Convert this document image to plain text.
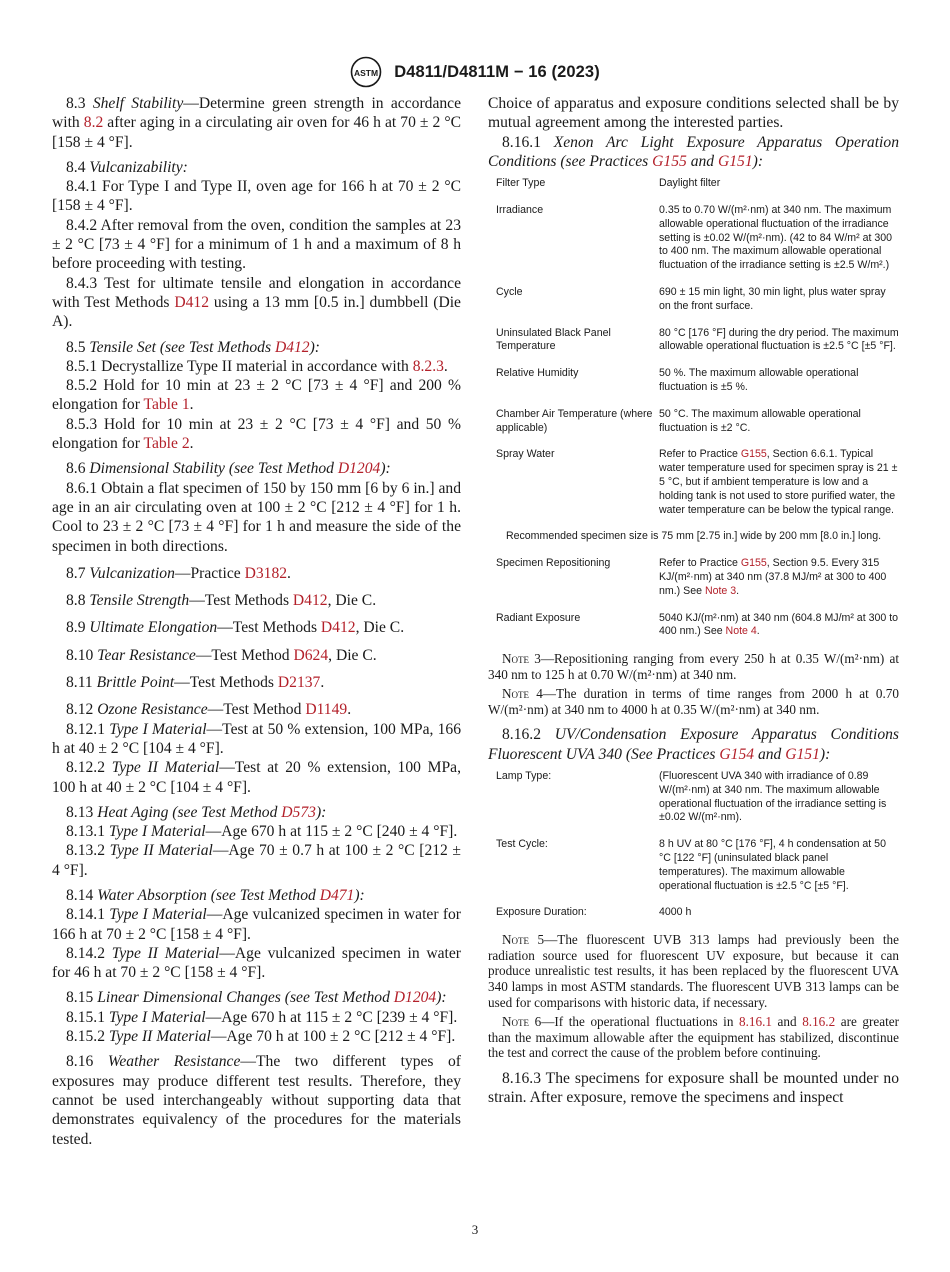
ASTM D4811/D4811M − 16 (2023)

8.3 Shelf Stability—Determine green strength in accordance with 8.2 after aging in a circulating air oven for 46 h at 70 ± 2 °C [158 ± 4 °F].

8.4 Vulcanizability:

8.4.1 For Type I and Type II, oven age for 166 h at 70 ± 2 °C [158 ± 4 °F].

8.4.2 After removal from the oven, condition the samples at 23 ± 2 °C [73 ± 4 °F] for a minimum of 1 h and a maximum of 8 h before proceeding with testing.

8.4.3 Test for ultimate tensile and elongation in accordance with Test Methods D412 using a 13 mm [0.5 in.] dumbbell (Die A).

8.5 Tensile Set (see Test Methods D412):

8.5.1 Decrystallize Type II material in accordance with 8.2.3.

8.5.2 Hold for 10 min at 23 ± 2 °C [73 ± 4 °F] and 200 % elongation for Table 1.

8.5.3 Hold for 10 min at 23 ± 2 °C [73 ± 4 °F] and 50 % elongation for Table 2.

8.6 Dimensional Stability (see Test Method D1204):

8.6.1 Obtain a flat specimen of 150 by 150 mm [6 by 6 in.] and age in an air circulating oven at 100 ± 2 °C [212 ± 4 °F] for 1 h. Cool to 23 ± 2 °C [73 ± 4 °F] for 1 h and measure the side of the specimen in both directions.

8.7 Vulcanization—Practice D3182.

8.8 Tensile Strength—Test Methods D412, Die C.

8.9 Ultimate Elongation—Test Methods D412, Die C.

8.10 Tear Resistance—Test Method D624, Die C.

8.11 Brittle Point—Test Methods D2137.

8.12 Ozone Resistance—Test Method D1149.

8.12.1 Type I Material—Test at 50 % extension, 100 MPa, 166 h at 40 ± 2 °C [104 ± 4 °F].

8.12.2 Type II Material—Test at 20 % extension, 100 MPa, 100 h at 40 ± 2 °C [104 ± 4 °F].

8.13 Heat Aging (see Test Method D573):

8.13.1 Type I Material—Age 670 h at 115 ± 2 °C [240 ± 4 °F].

8.13.2 Type II Material—Age 70 ± 0.7 h at 100 ± 2 °C [212 ± 4 °F].

8.14 Water Absorption (see Test Method D471):

8.14.1 Type I Material—Age vulcanized specimen in water for 166 h at 70 ± 2 °C [158 ± 4 °F].

8.14.2 Type II Material—Age vulcanized specimen in water for 46 h at 70 ± 2 °C [158 ± 4 °F].

8.15 Linear Dimensional Changes (see Test Method D1204):

8.15.1 Type I Material—Age 670 h at 115 ± 2 °C [239 ± 4 °F].

8.15.2 Type II Material—Age 70 h at 100 ± 2 °C [212 ± 4 °F].

8.16 Weather Resistance—The two different types of exposures may produce different test results. Therefore, they cannot be used interchangeably without supporting data that demonstrates equivalency of the procedures for the materials tested.

Choice of apparatus and exposure conditions selected shall be by mutual agreement among the interested parties.

8.16.1 Xenon Arc Light Exposure Apparatus Operation Conditions (see Practices G155 and G151):

Filter Type	Daylight filter
Irradiance	0.35 to 0.70 W/(m²·nm) at 340 nm. The maximum allowable operational fluctuation of the irradiance setting is ±0.02 W/(m²·nm). (42 to 84 W/m² at 300 to 400 nm. The maximum allowable operational fluctuation of the irradiance setting is ±2.5 W/m².)
Cycle	690 ± 15 min light, 30 min light, plus water spray on the front surface.
Uninsulated Black Panel Temperature	80 °C [176 °F] during the dry period. The maximum allowable operational fluctuation is ±2.5 °C [±5 °F].
Relative Humidity	50 %. The maximum allowable operational fluctuation is ±5 %.
Chamber Air Temperature (where applicable)	50 °C. The maximum allowable operational fluctuation is ±2 °C.
Spray Water	Refer to Practice G155, Section 6.6.1. Typical water temperature used for specimen spray is 21 ± 5 °C, but if ambient temperature is low and a holding tank is not used to store purified water, the water temperature can be below the typical range.

Recommended specimen size is 75 mm [2.75 in.] wide by 200 mm [8.0 in.] long.	

Specimen Repositioning	Refer to Practice G155, Section 9.5. Every 315 KJ/(m²·nm) at 340 nm (37.8 MJ/m² at 300 to 400 nm.) See Note 3.
Radiant Exposure	5040 KJ/(m²·nm) at 340 nm (604.8 MJ/m² at 300 to 400 nm.) See Note 4.

Note 3—Repositioning ranging from every 250 h at 0.35 W/(m²·nm) at 340 nm to 125 h at 0.70 W/(m²·nm) at 340 nm.

Note 4—The duration in terms of time ranges from 2000 h at 0.70 W/(m²·nm) at 340 nm to 4000 h at 0.35 W/(m²·nm) at 340 nm.

8.16.2 UV/Condensation Exposure Apparatus Conditions Fluorescent UVA 340 (See Practices G154 and G151):

Lamp Type:	(Fluorescent UVA 340 with irradiance of 0.89 W/(m²·nm) at 340 nm. The maximum allowable operational fluctuation of the irradiance setting is ±0.02 W/(m²·nm).
Test Cycle:	8 h UV at 80 °C [176 °F], 4 h condensation at 50 °C [122 °F] (uninsulated black panel temperatures). The maximum allowable operational fluctuation is ±2.5 °C [±5 °F].
Exposure Duration:	4000 h

Note 5—The fluorescent UVB 313 lamps had previously been the radiation source used for fluorescent UV exposure, but because it can produce unrealistic test results, it has been replaced by the fluorescent UVA 340 lamps in most ASTM standards. The fluorescent UVB 313 lamps can be used for comparisons with historic data, if necessary.

Note 6—If the operational fluctuations in 8.16.1 and 8.16.2 are greater than the maximum allowable after the equipment has stabilized, discontinue the test and correct the cause of the problem before continuing.

8.16.3 The specimens for exposure shall be mounted under no strain. After exposure, remove the specimens and inspect

3
